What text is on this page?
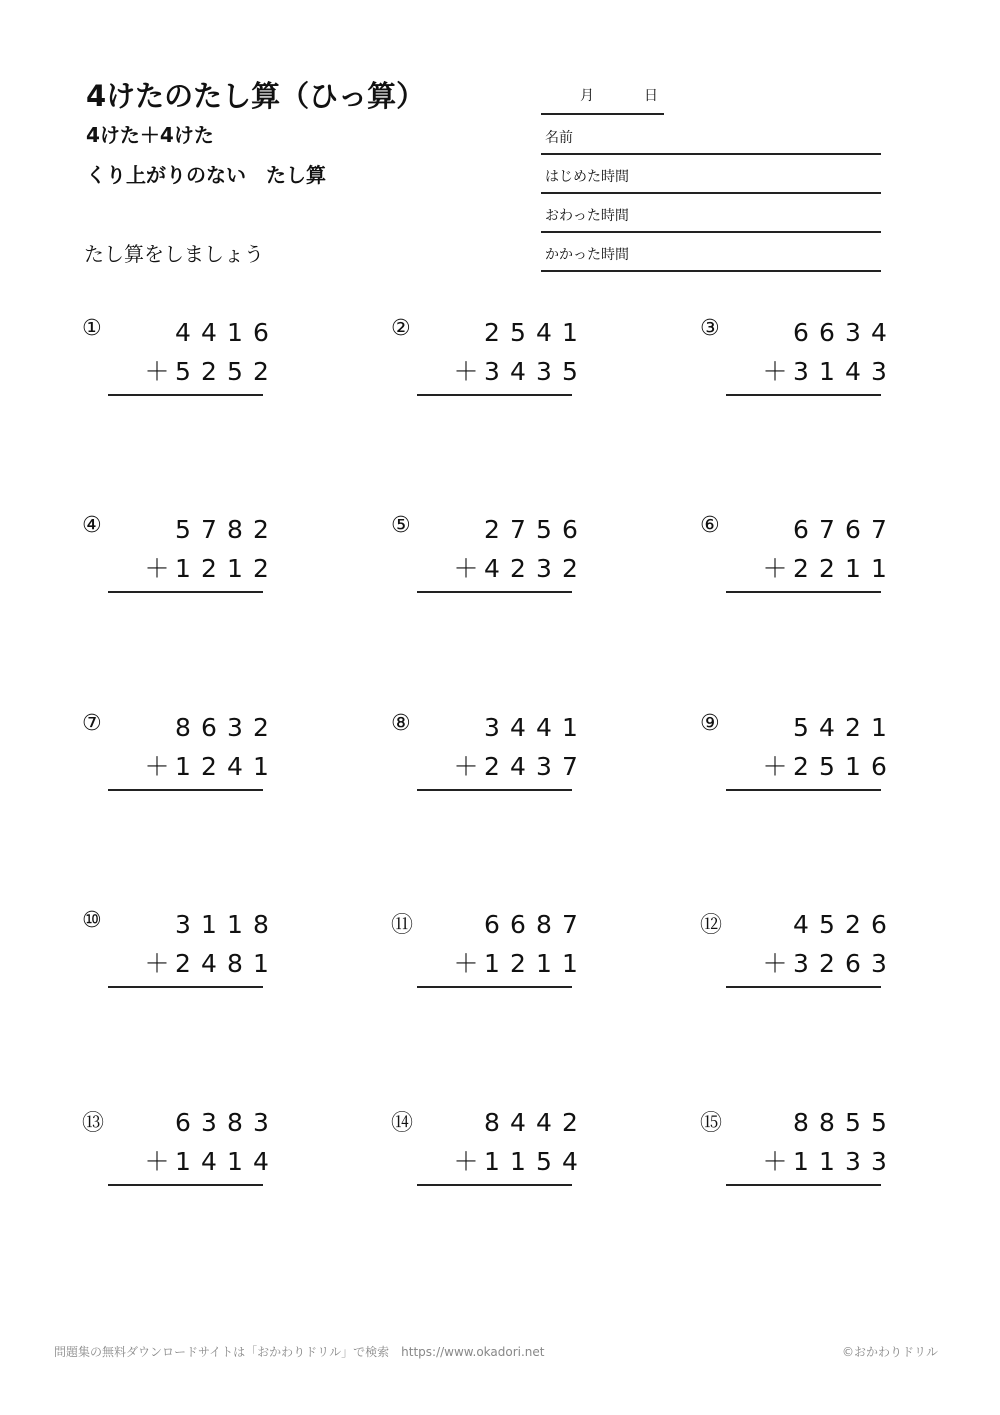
4けたのたし算（ひっ算）
4けた＋4けた
くり上がりのない　たし算
たし算をしましょう
月	日
名前
はじめた時間
おわった時間
かかった時間
①	4 4 1 6
＋ 5 2 5 2
②	2 5 4 1
＋ 3 4 3 5
③	6 6 3 4
＋ 3 1 4 3
④	5 7 8 2
＋ 1 2 1 2
⑤	2 7 5 6
＋ 4 2 3 2
⑥	6 7 6 7
＋ 2 2 1 1
⑦	8 6 3 2
＋ 1 2 4 1
⑧	3 4 4 1
＋ 2 4 3 7
⑨	5 4 2 1
＋ 2 5 1 6
⑩	3 1 1 8
＋ 2 4 8 1
⑪	6 6 8 7
＋ 1 2 1 1
⑫	4 5 2 6
＋ 3 2 6 3
⑬	6 3 8 3
＋ 1 4 1 4
⑭	8 4 4 2
＋ 1 1 5 4
⑮	8 8 5 5
＋ 1 1 3 3
問題集の無料ダウンロードサイトは「おかわりドリル」で検索　https://www.okadori.net	©おかわりドリル
